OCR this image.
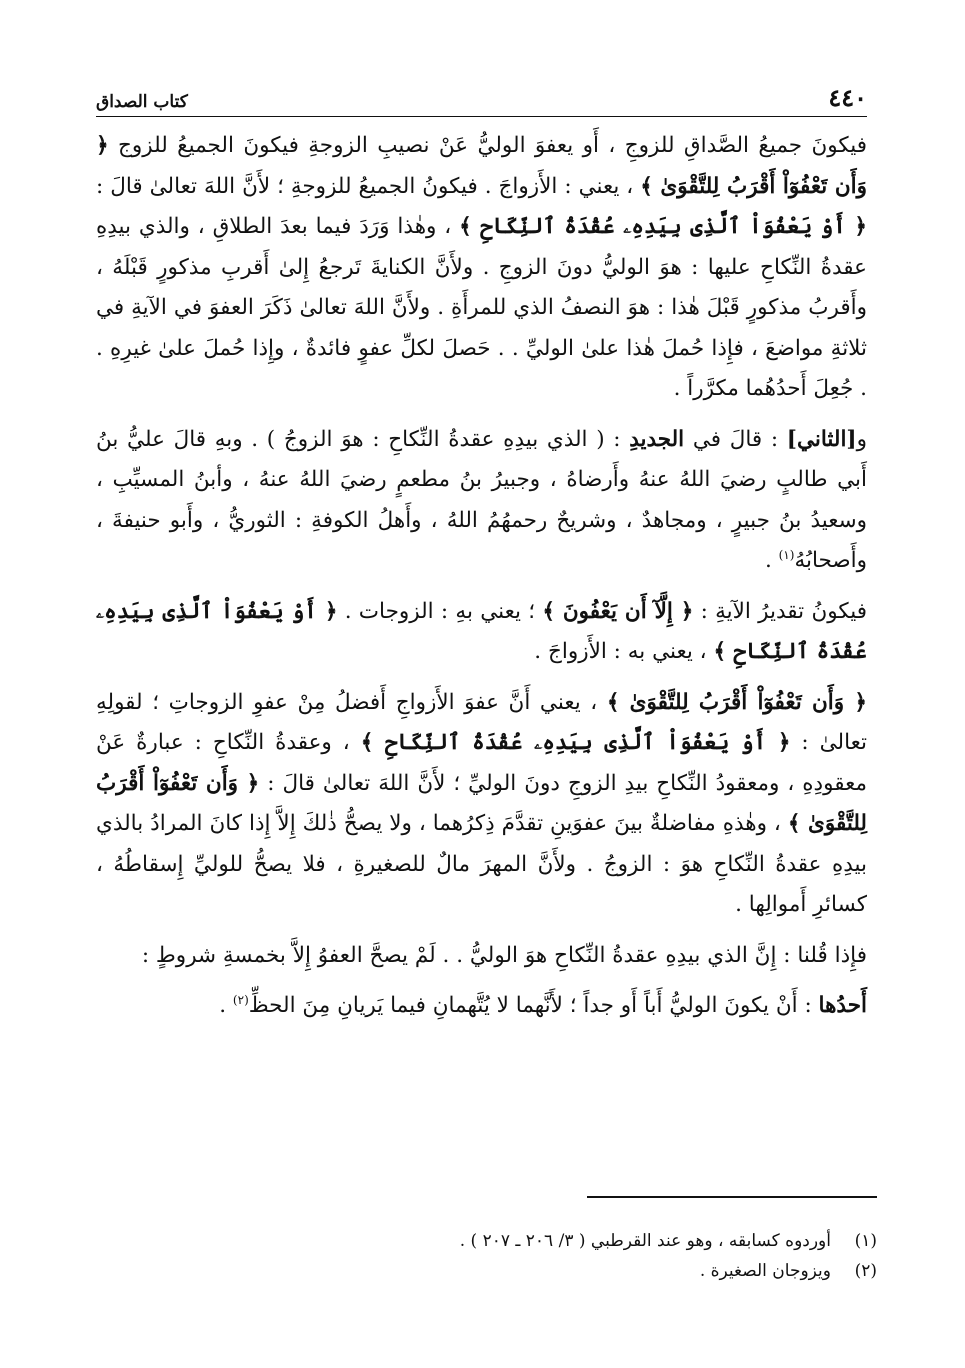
٤٤٠
كتاب الصداق

فيكونَ جميعُ الصَّداقِ للزوجِ ، أَو يعفوَ الوليُّ عَنْ نصيبِ الزوجةِ فيكونَ الجميعُ للزوج ﴿ وَأَن تَعْفُوٓاْ أَقْرَبُ لِلتَّقْوَىٰ ﴾ ، يعني : الأَزواجَ . فيكونُ الجميعُ للزوجةِ ؛ لأَنَّ اللهَ تعالىٰ قالَ : ﴿ أَوْ يَعْفُوَاْ ٱلَّذِى بِيَدِهِۦ عُقْدَةُ ٱلنِّكَاحِ ﴾ ، وهٰذا وَرَدَ فيما بعدَ الطلاقِ ، والذي بيدِهِ عقدةُ النِّكاحِ عليها : هوَ الوليُّ دونَ الزوجِ . ولأَنَّ الكنايةَ تَرجعُ إِلىٰ أَقربِ مذكورٍ قَبْلَهُ ، وأَقربُ مذكورٍ قَبْلَ هٰذا : هوَ النصفُ الذي للمرأَةِ . ولأَنَّ اللهَ تعالىٰ ذَكَرَ العفوَ في الآيةِ في ثلاثةِ مواضعَ ، فإِذا حُملَ هٰذا علىٰ الوليِّ . . حَصلَ لكلِّ عفوٍ فائدةٌ ، وإِذا حُملَ علىٰ غيرِهِ . . جُعِلَ أَحدُهُما مكرَّراً .

و[الثاني] : قالَ في الجديدِ : ( الذي بيدِهِ عقدةُ النِّكاحِ : هوَ الزوجُ ) . وبهِ قالَ عليُّ بنُ أَبي طالبٍ رضيَ اللهُ عنهُ وأَرضاهُ ، وجبيرُ بنُ مطعمٍ رضيَ اللهُ عنهُ ، وأبنُ المسيِّبِ ، وسعيدُ بنُ جبيرٍ ، ومجاهدٌ ، وشريحٌ رحمهُمُ اللهُ ، وأَهلُ الكوفةِ : الثوريُّ ، وأَبو حنيفةَ ، وأَصحابُهُ$^{(١)}$ .

فيكونُ تقديرُ الآيةِ : ﴿ إِلَّآ أَن يَعْفُونَ ﴾ ؛ يعني بهِ : الزوجات . ﴿ أَوْ يَعْفُوَاْ ٱلَّذِى بِيَدِهِۦ عُقْدَةُ ٱلنِّكَاحِ ﴾ ، يعني به : الأَزواجَ .

﴿ وَأَن تَعْفُوٓاْ أَقْرَبُ لِلتَّقْوَىٰ ﴾ ، يعني أَنَّ عفوَ الأَزواجِ أَفضلُ مِنْ عفوِ الزوجاتِ ؛ لقولِهِ تعالىٰ : ﴿ أَوْ يَعْفُوَاْ ٱلَّذِى بِيَدِهِۦ عُقْدَةُ ٱلنِّكَاحِ ﴾ ، وعقدةُ النِّكاحِ : عبارةٌ عَنْ معقودِهِ ، ومعقودُ النِّكاحِ بيدِ الزوجِ دونَ الوليِّ ؛ لأَنَّ اللهَ تعالىٰ قالَ : ﴿ وَأَن تَعْفُوٓاْ أَقْرَبُ لِلتَّقْوَىٰ ﴾ ، وهٰذهِ مفاضلةٌ بينَ عفوَينِ تقدَّمَ ذِكرُهما ، ولا يصحُّ ذٰلكَ إِلاَّ إِذا كانَ المرادُ بالذي بيدِهِ عقدةُ النِّكاحِ هوَ : الزوجُ . ولأَنَّ المهرَ مالٌ للصغيرةِ ، فلا يصحُّ للوليِّ إِسقاطُهُ ، كسائرِ أَموالِها .

فإِذا قُلنا : إِنَّ الذي بيدِهِ عقدةُ النِّكاحِ هوَ الوليُّ . . لَمْ يصحَّ العفوُ إِلاَّ بخمسةِ شروطٍ :

أَحدُها : أَنْ يكونَ الوليُّ أَباً أَو جداً ؛ لأَنَّهما لا يُتَّهمانِ فيما يَريانِ مِنَ الحظِّ$^{(٢)}$ .

(١)
أوردوه كسابقه ، وهو عند القرطبي ( ٣/ ٢٠٦ ـ ٢٠٧ ) .
(٢)
ويزوجان الصغيرة .
